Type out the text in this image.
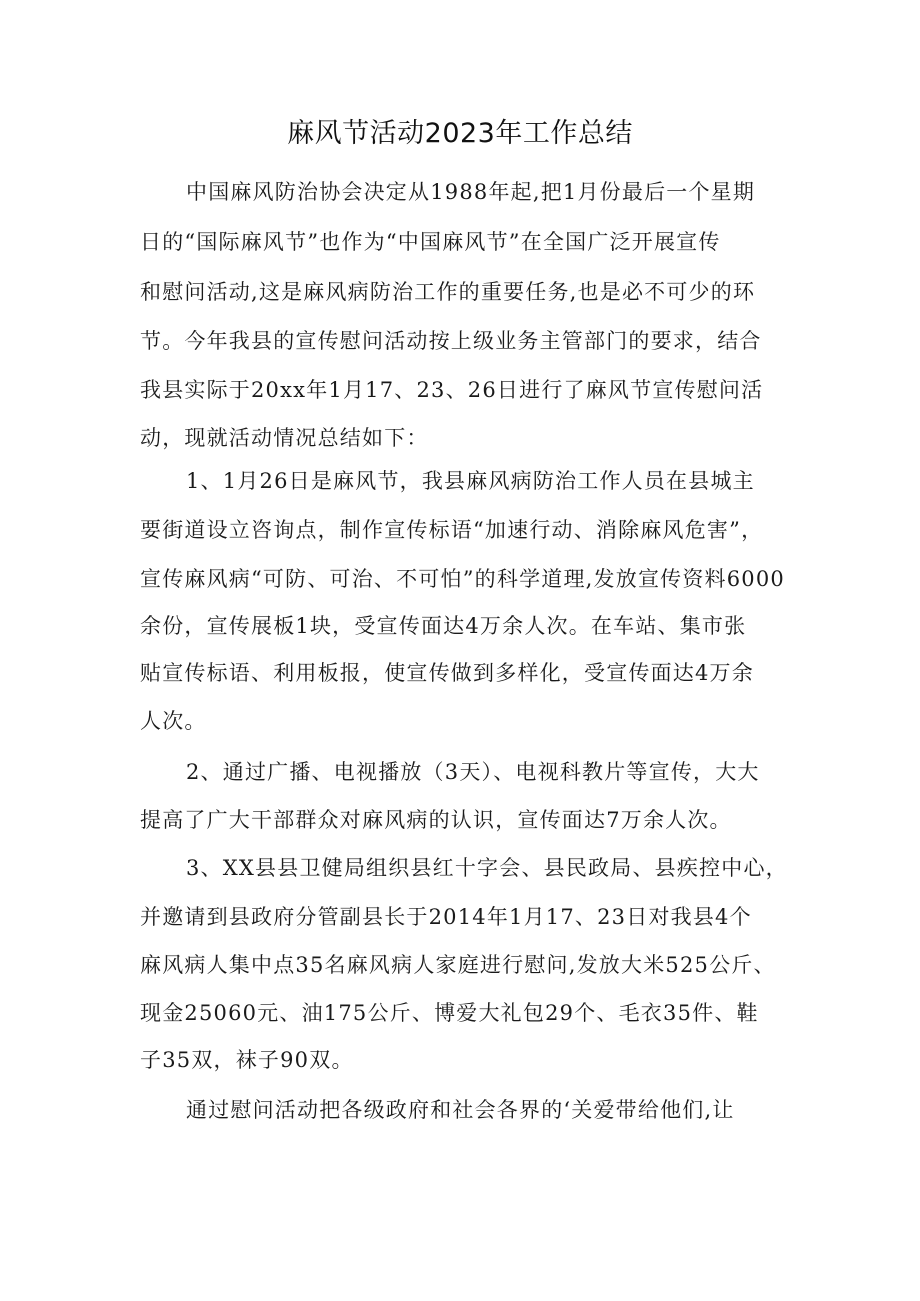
麻风节活动2023年工作总结

中国麻风防治协会决定从1988年起,把1月份最后一个星期

日的“国际麻风节”也作为“中国麻风节”在全国广泛开展宣传

和慰问活动,这是麻风病防治工作的重要任务,也是必不可少的环

节。今年我县的宣传慰问活动按上级业务主管部门的要求，结合

我县实际于20xx年1月17、23、26日进行了麻风节宣传慰问活

动，现就活动情况总结如下：

1、1月26日是麻风节，我县麻风病防治工作人员在县城主

要街道设立咨询点，制作宣传标语“加速行动、消除麻风危害”，

宣传麻风病“可防、可治、不可怕”的科学道理,发放宣传资料6000

余份，宣传展板1块，受宣传面达4万余人次。在车站、集市张

贴宣传标语、利用板报，使宣传做到多样化，受宣传面达4万余

人次。

2、通过广播、电视播放（3天）、电视科教片等宣传，大大

提高了广大干部群众对麻风病的认识，宣传面达7万余人次。

3、XX县县卫健局组织县红十字会、县民政局、县疾控中心，

并邀请到县政府分管副县长于2014年1月17、23日对我县4个

麻风病人集中点35名麻风病人家庭进行慰问,发放大米525公斤、

现金25060元、油175公斤、博爱大礼包29个、毛衣35件、鞋

子35双，袜子90双。

通过慰问活动把各级政府和社会各界的‘关爱带给他们,让
